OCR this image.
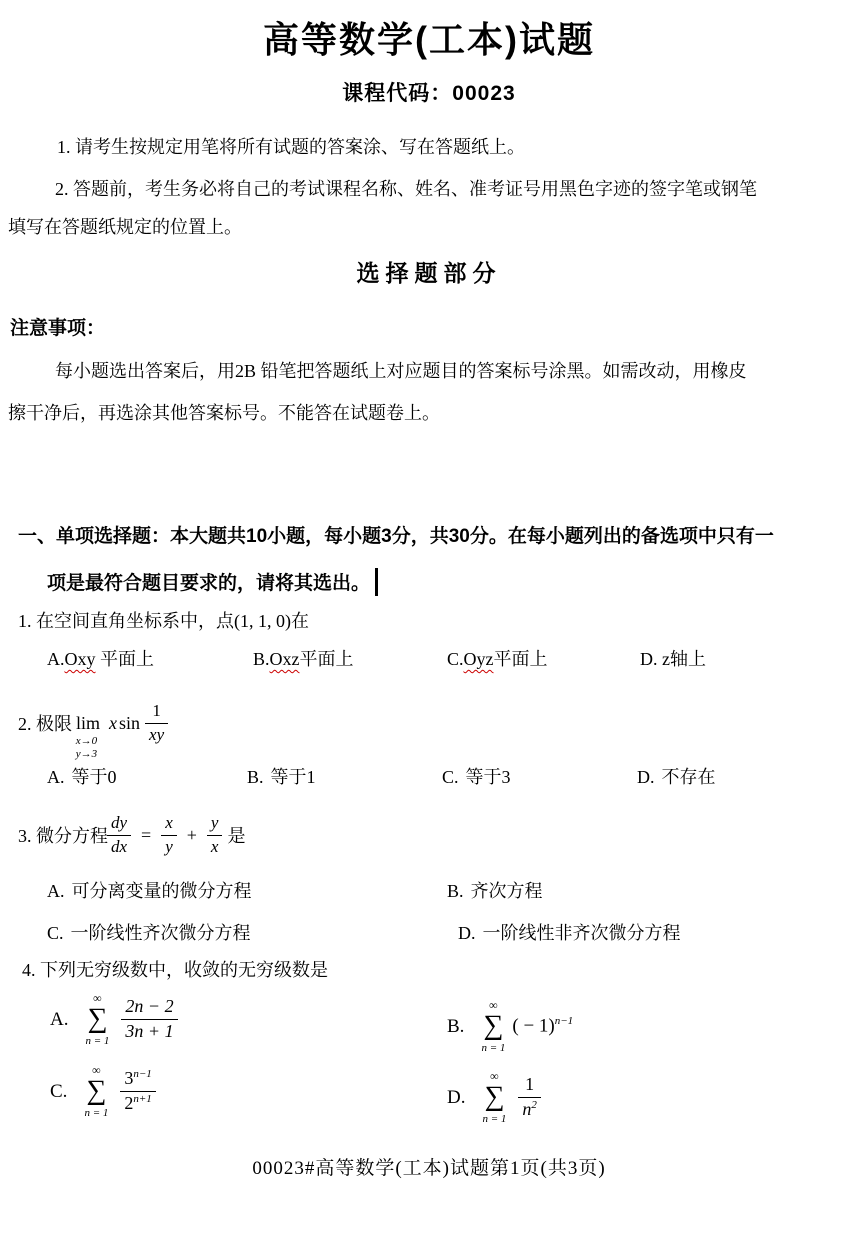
高等数学(工本)试题
课程代码：00023
1. 请考生按规定用笔将所有试题的答案涂、写在答题纸上。
2. 答题前，考生务必将自己的考试课程名称、姓名、准考证号用黑色字迹的签字笔或钢笔
填写在答题纸规定的位置上。
选择题部分
注意事项：
每小题选出答案后，用2B 铅笔把答题纸上对应题目的答案标号涂黑。如需改动，用橡皮
擦干净后，再选涂其他答案标号。不能答在试题卷上。
一、单项选择题：本大题共10小题，每小题3分，共30分。在每小题列出的备选项中只有一
项是最符合题目要求的，请将其选出。
1. 在空间直角坐标系中，点(1, 1, 0)在
A.Oxy 平面上	B.Oxz平面上	C.Oyz平面上	D. z轴上
2. 极限 lim
x→0
y→3
x $\sin \frac{1}{xy}$
A. 等于0	B. 等于1	C. 等于3	D. 不存在
3. 微分方程 $\frac{dy}{dx} = \frac{x}{y} + \frac{y}{x}$ 是
A. 可分离变量的微分方程	B. 齐次方程
C. 一阶线性齐次微分方程	D. 一阶线性非齐次微分方程
4. 下列无穷级数中，收敛的无穷级数是
A.
∞
∑
$n = 1 \frac{2n - 2}{3n + 1}$	B.
∞
∑
n = 1
( − 1)$^{n-1}$
C.
∞
∑
$n = 1 \frac{3^{n-1}}{2^{n+1}}$	D.
∞
∑
$n = 1 \frac{1}{n^2}$
00023#高等数学(工本)试题第1页(共3页)
